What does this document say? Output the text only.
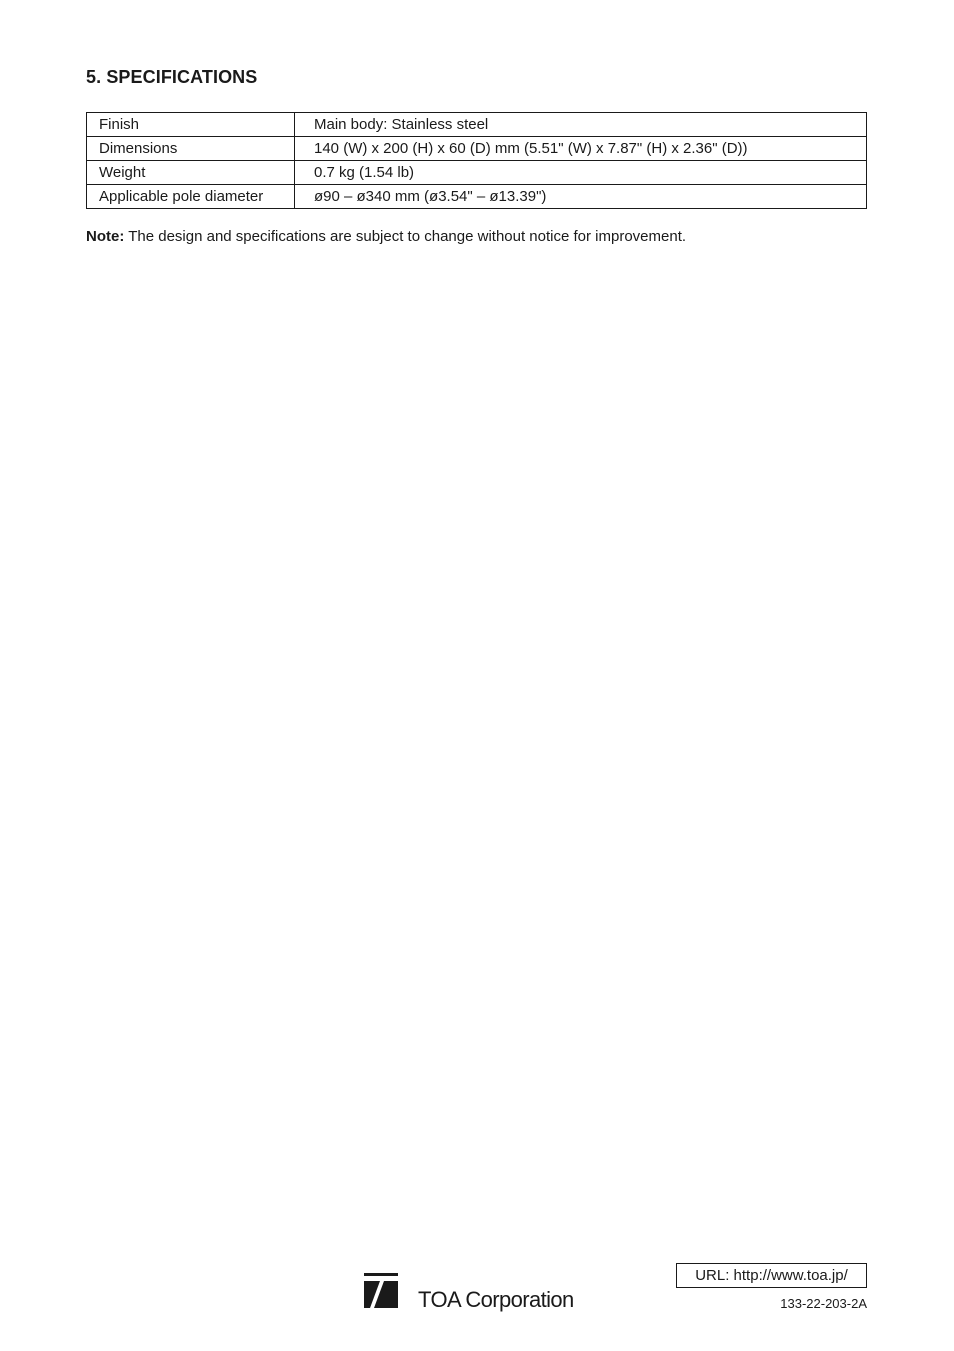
5. SPECIFICATIONS
Finish	Main body: Stainless steel
Dimensions	140 (W) x 200 (H) x 60 (D) mm (5.51" (W) x 7.87" (H) x 2.36" (D))
Weight	0.7 kg (1.54 lb)
Applicable pole diameter	ø90 – ø340 mm (ø3.54" – ø13.39")

Note: The design and specifications are subject to change without notice for improvement.

TOA Corporation
URL: http://www.toa.jp/
133-22-203-2A
